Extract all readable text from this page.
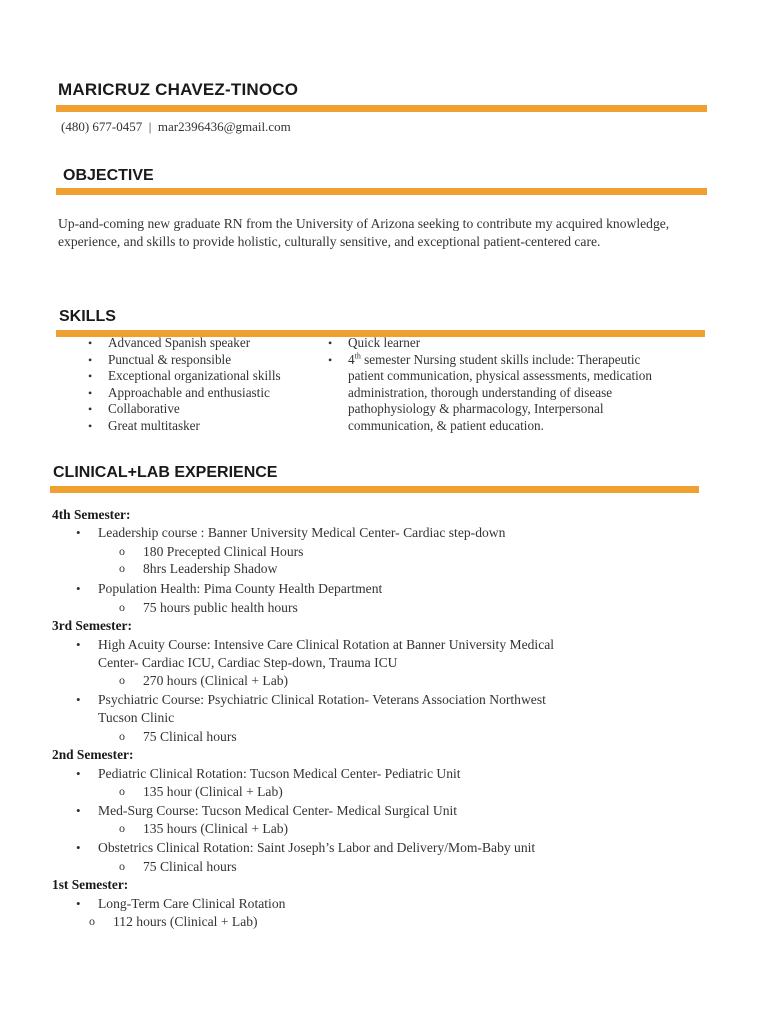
MARICRUZ CHAVEZ-TINOCO
(480) 677-0457 | mar2396436@gmail.com
OBJECTIVE
Up-and-coming new graduate RN from the University of Arizona seeking to contribute my acquired knowledge, experience, and skills to provide holistic, culturally sensitive, and exceptional patient-centered care.
SKILLS
• Advanced Spanish speaker
• Punctual & responsible
• Exceptional organizational skills
• Approachable and enthusiastic
• Collaborative
• Great multitasker
• Quick learner
• 4th semester Nursing student skills include: Therapeutic patient communication, physical assessments, medication administration, thorough understanding of disease pathophysiology & pharmacology, Interpersonal communication, & patient education.
CLINICAL+LAB EXPERIENCE
4th Semester:
• Leadership course : Banner University Medical Center- Cardiac step-down
o 180 Precepted Clinical Hours
o 8hrs Leadership Shadow
• Population Health: Pima County Health Department
o 75 hours public health hours
3rd Semester:
• High Acuity Course: Intensive Care Clinical Rotation at Banner University Medical
Center- Cardiac ICU, Cardiac Step-down, Trauma ICU
o 270 hours (Clinical + Lab)
• Psychiatric Course: Psychiatric Clinical Rotation- Veterans Association Northwest
Tucson Clinic
o 75 Clinical hours
2nd Semester:
• Pediatric Clinical Rotation: Tucson Medical Center- Pediatric Unit
o 135 hour (Clinical + Lab)
• Med-Surg Course: Tucson Medical Center- Medical Surgical Unit
o 135 hours (Clinical + Lab)
• Obstetrics Clinical Rotation: Saint Joseph’s Labor and Delivery/Mom-Baby unit
o 75 Clinical hours
1st Semester:
• Long-Term Care Clinical Rotation
o 112 hours (Clinical + Lab)
